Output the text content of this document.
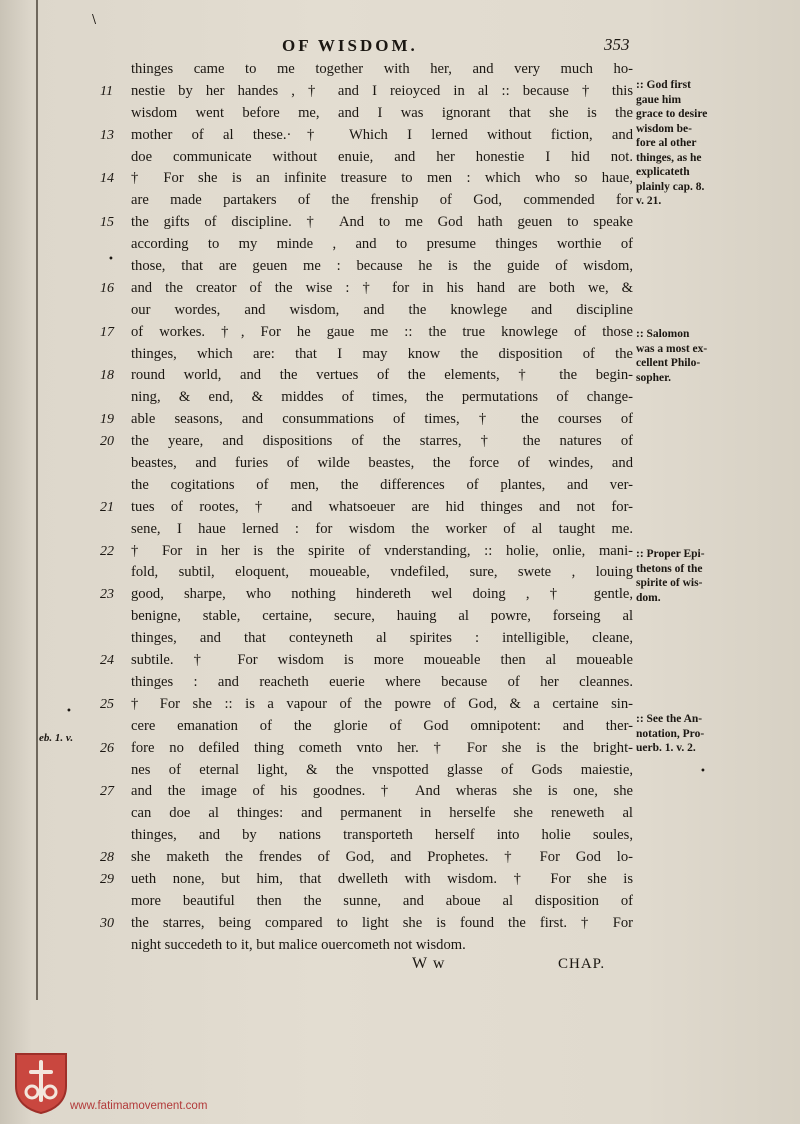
\
OF WISDOM.	353
thinges came to me together with her, and very much ho-
11	nestie by her handes , † and I reioyced in al :: because † this
wisdom went before me, and I was ignorant that she is the
13	mother of al these.·† Which I lerned without fiction, and
doe communicate without enuie, and her honestie I hid not.
14	† For she is an infinite treasure to men : which who so haue,
are made partakers of the frenship of God, commended for
15	the gifts of discipline. † And to me God hath geuen to speake
according to my minde , and to presume thinges worthie of
those, that are geuen me : because he is the guide of wisdom,
16	and the creator of the wise : † for in his hand are both we, &
our wordes, and wisdom, and the knowlege and discipline
17	of workes. †, For he gaue me :: the true knowlege of those
thinges, which are: that I may know the disposition of the
18	round world, and the vertues of the elements, † the begin-
ning, & end, & middes of times, the permutations of change-
19	able seasons, and consummations of times, † the courses of
20	the yeare, and dispositions of the starres, † the natures of
beastes, and furies of wilde beastes, the force of windes, and
the cogitations of men, the differences of plantes, and ver-
21	tues of rootes, † and whatsoeuer are hid thinges and not for-
sene, I haue lerned : for wisdom the worker of al taught me.
22	† For in her is the spirite of vnderstanding, :: holie, onlie, mani-
fold, subtil, eloquent, moueable, vndefiled, sure, swete , louing
23	good, sharpe, who nothing hindereth wel doing , † gentle,
benigne, stable, certaine, secure, hauing al powre, forseing al
thinges, and that conteyneth al spirites : intelligible, cleane,
24	subtile. † For wisdom is more moueable then al moueable
thinges : and reacheth euerie where because of her cleannes.
25	† For she :: is a vapour of the powre of God, & a certaine sin-
cere emanation of the glorie of God omnipotent: and ther-
26	fore no defiled thing cometh vnto her. † For she is the bright-
nes of eternal light, & the vnspotted glasse of Gods maiestie,
27	and the image of his goodnes. † And wheras she is one, she
can doe al thinges: and permanent in herselfe she reneweth al
thinges, and by nations transporteth herself into holie soules,
28	she maketh the frendes of God, and Prophetes. † For God lo-
29	ueth none, but him, that dwelleth with wisdom. † For she is
more beautiful then the sunne, and aboue al disposition of
30	the starres, being compared to light she is found the first. † For
night succedeth to it, but malice ouercometh not wisdom.
:: God first
gaue him
grace to desire
wisdom be-
fore al other
thinges, as he
explicateth
plainly cap. 8.
v. 21.
:: Salomon
was a most ex-
cellent Philo-
sopher.
:: Proper Epi-
thetons of the
spirite of wis-
dom.
:: See the An-
notation, Pro-
uerb. 1. v. 2.
eb. 1. v.
•
•
•
W w	CHAP.
www.fatimamovement.com
